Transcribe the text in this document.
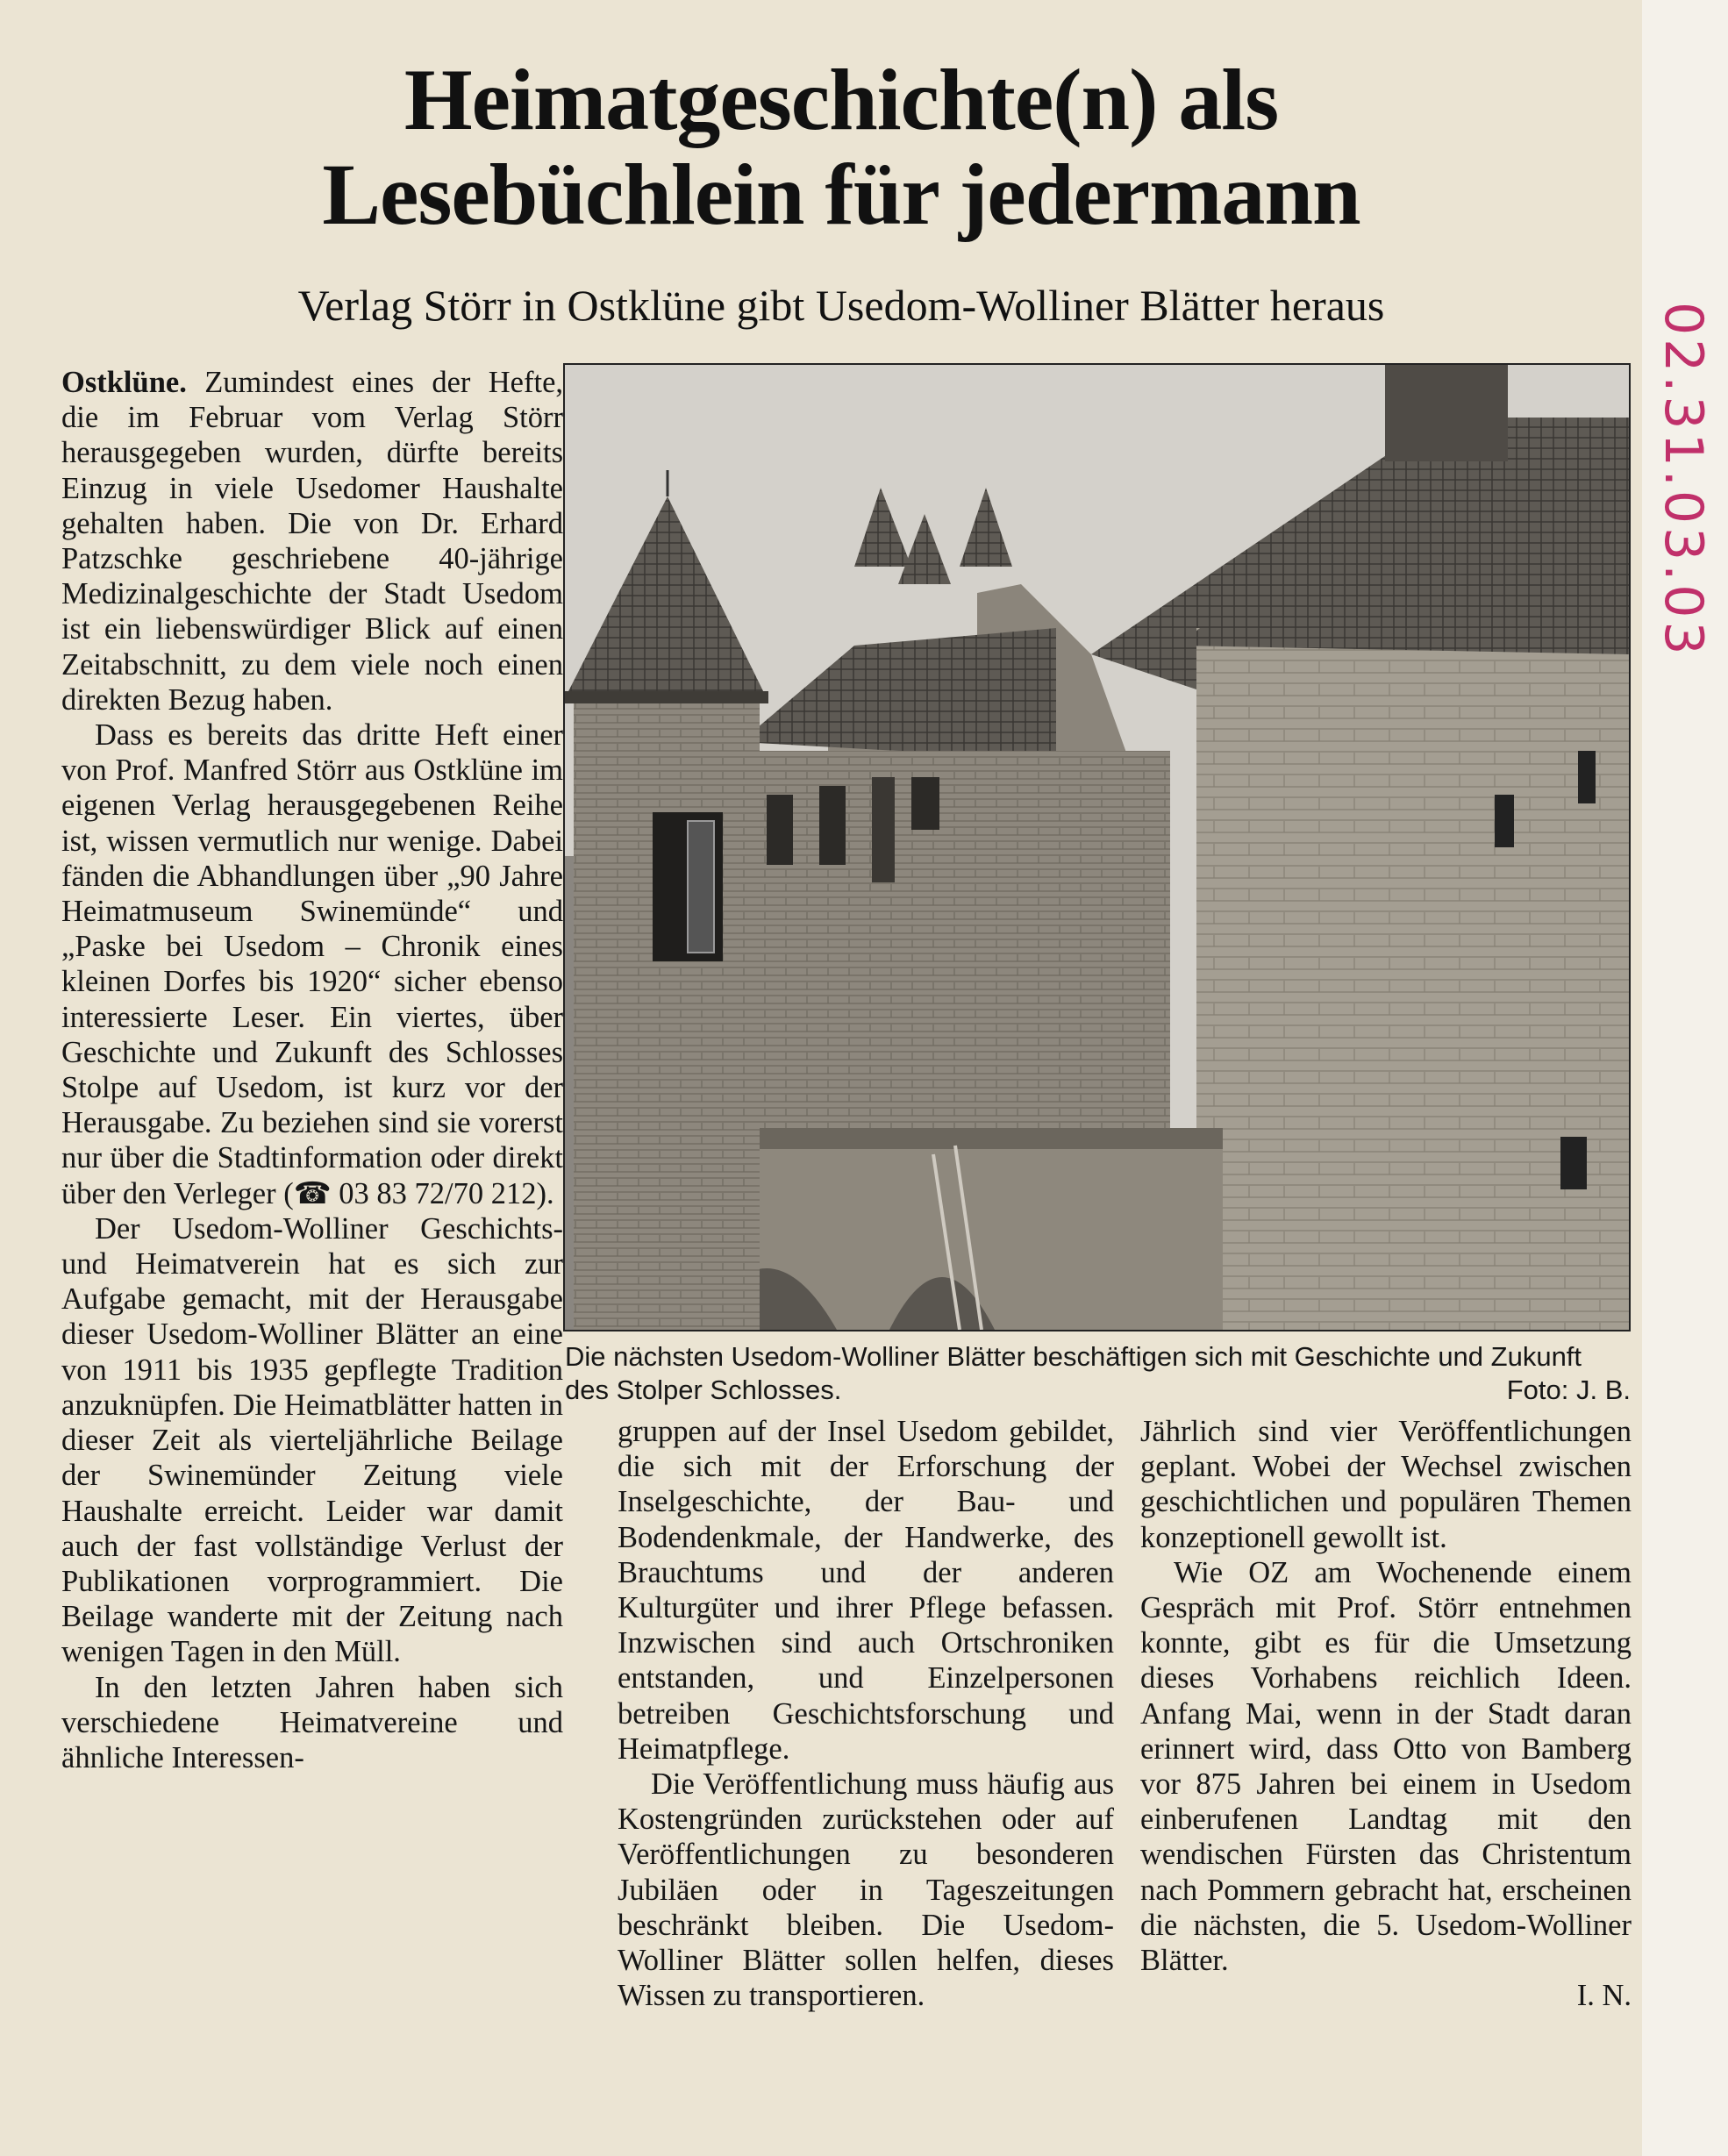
Heimatgeschichte(n) als
Lesebüchlein für jedermann
Verlag Störr in Ostklüne gibt Usedom-Wolliner Blätter heraus

Ostklüne. Zumindest eines der Hefte, die im Februar vom Verlag Störr herausgegeben wurden, dürfte bereits Einzug in viele Usedomer Haushalte gehalten haben. Die von Dr. Erhard Patzschke geschriebene 40-jährige Medizinalgeschichte der Stadt Usedom ist ein liebenswürdiger Blick auf einen Zeitabschnitt, zu dem viele noch einen direkten Bezug haben.

Dass es bereits das dritte Heft einer von Prof. Manfred Störr aus Ostklüne im eigenen Verlag herausgegebenen Reihe ist, wissen vermutlich nur wenige. Dabei fänden die Abhandlungen über „90 Jahre Heimatmuseum Swinemünde“ und „Paske bei Usedom – Chronik eines kleinen Dorfes bis 1920“ sicher ebenso interessierte Leser. Ein viertes, über Geschichte und Zukunft des Schlosses Stolpe auf Usedom, ist kurz vor der Herausgabe. Zu beziehen sind sie vorerst nur über die Stadtinformation oder direkt über den Verleger (☎ 03 83 72/70 212).

Der Usedom-Wolliner Geschichts- und Heimatverein hat es sich zur Aufgabe gemacht, mit der Herausgabe dieser Usedom-Wolliner Blätter an eine von 1911 bis 1935 gepflegte Tradition anzuknüpfen. Die Heimatblätter hatten in dieser Zeit als vierteljährliche Beilage der Swinemünder Zeitung viele Haushalte erreicht. Leider war damit auch der fast vollständige Verlust der Publikationen vorprogrammiert. Die Beilage wanderte mit der Zeitung nach wenigen Tagen in den Müll.

In den letzten Jahren haben sich verschiedene Heimatvereine und ähnliche Interessen-

Die nächsten Usedom-Wolliner Blätter beschäftigen sich mit Geschichte und Zukunft des Stolper Schlosses.	Foto: J. B.

gruppen auf der Insel Usedom gebildet, die sich mit der Erforschung der Inselgeschichte, der Bau- und Bodendenkmale, der Handwerke, des Brauchtums und der anderen Kulturgüter und ihrer Pflege befassen. Inzwischen sind auch Ortschroniken entstanden, und Einzelpersonen betreiben Geschichtsforschung und Heimatpflege.

Die Veröffentlichung muss häufig aus Kostengründen zurückstehen oder auf Veröffentlichungen zu besonderen Jubiläen oder in Tageszeitungen beschränkt bleiben. Die Usedom-Wolliner Blätter sollen helfen, dieses Wissen zu transportieren.

Jährlich sind vier Veröffentlichungen geplant. Wobei der Wechsel zwischen geschichtlichen und populären Themen konzeptionell gewollt ist.

Wie OZ am Wochenende einem Gespräch mit Prof. Störr entnehmen konnte, gibt es für die Umsetzung dieses Vorhabens reichlich Ideen. Anfang Mai, wenn in der Stadt daran erinnert wird, dass Otto von Bamberg vor 875 Jahren bei einem in Usedom einberufenen Landtag mit den wendischen Fürsten das Christentum nach Pommern gebracht hat, erscheinen die nächsten, die 5. Usedom-Wolliner Blätter.

I. N.
02.31.03.03
